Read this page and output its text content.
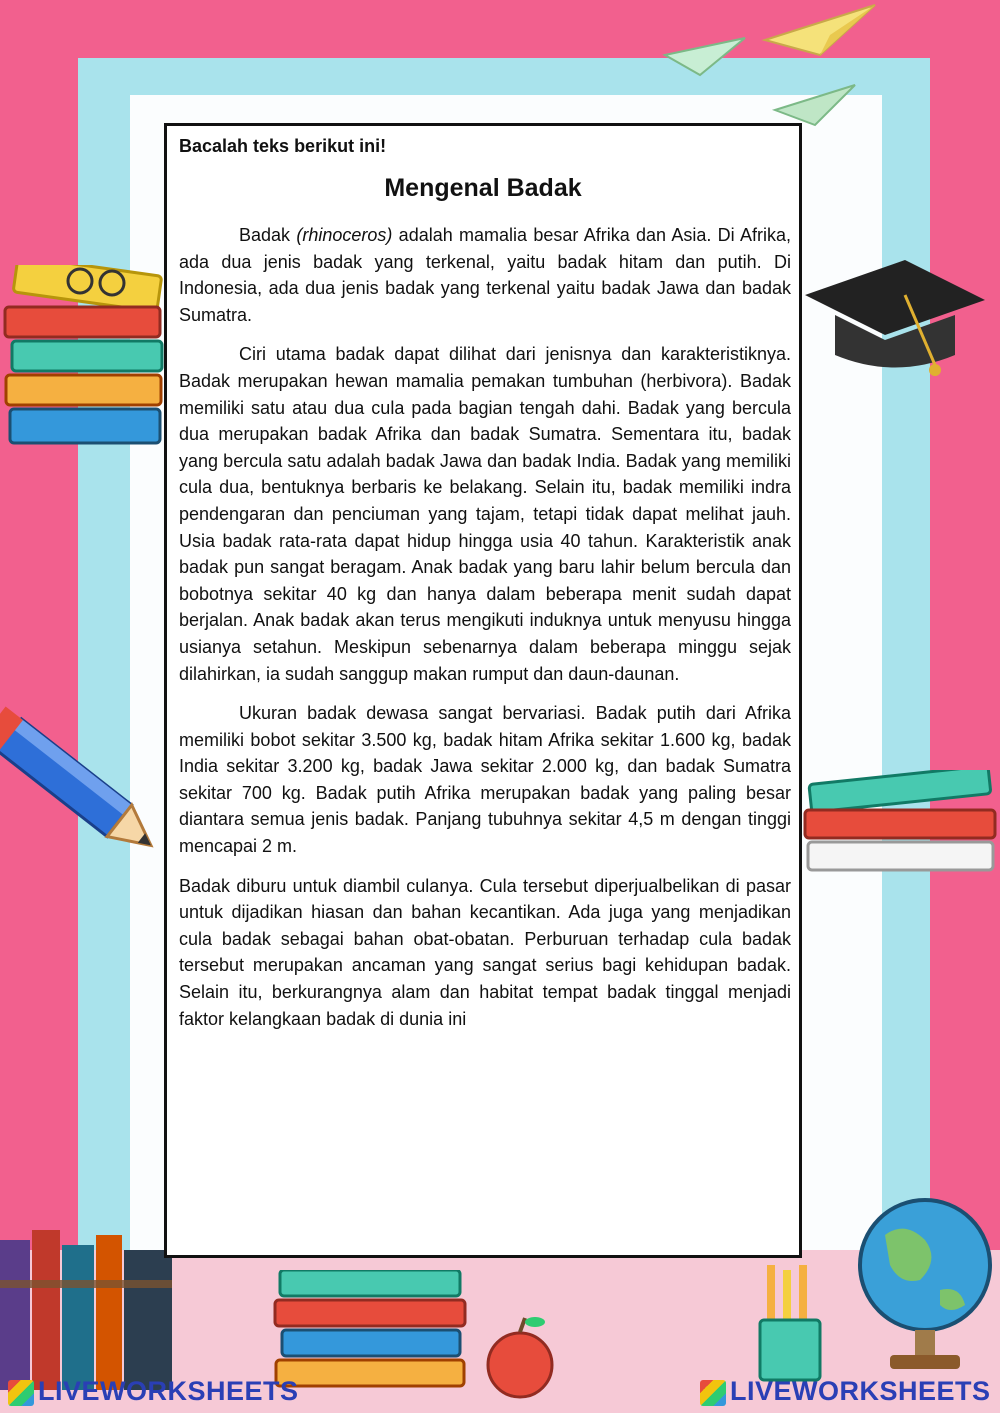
Bacalah teks berikut ini!
Mengenal Badak

Badak (rhinoceros) adalah mamalia besar Afrika dan Asia. Di Afrika, ada dua jenis badak yang terkenal, yaitu badak hitam dan putih. Di Indonesia, ada dua jenis badak yang terkenal yaitu badak Jawa dan badak Sumatra.

Ciri utama badak dapat dilihat dari jenisnya dan karakteristiknya. Badak merupakan hewan mamalia pemakan tumbuhan (herbivora). Badak memiliki satu atau dua cula pada bagian tengah dahi. Badak yang bercula dua merupakan badak Afrika dan badak Sumatra. Sementara itu, badak yang bercula satu adalah badak Jawa dan badak India. Badak yang memiliki cula dua, bentuknya berbaris ke belakang. Selain itu, badak memiliki indra pendengaran dan penciuman yang tajam, tetapi tidak dapat melihat jauh. Usia badak rata-rata dapat hidup hingga usia 40 tahun. Karakteristik anak badak pun sangat beragam. Anak badak yang baru lahir belum bercula dan bobotnya sekitar 40 kg dan hanya dalam beberapa menit sudah dapat berjalan. Anak badak akan terus mengikuti induknya untuk menyusu hingga usianya setahun. Meskipun sebenarnya dalam beberapa minggu sejak dilahirkan, ia sudah sanggup makan rumput dan daun-daunan.

Ukuran badak dewasa sangat bervariasi. Badak putih dari Afrika memiliki bobot sekitar 3.500 kg, badak hitam Afrika sekitar 1.600 kg, badak India sekitar 3.200 kg, badak Jawa sekitar 2.000 kg, dan badak Sumatra sekitar 700 kg. Badak putih Afrika merupakan badak yang paling besar diantara semua jenis badak. Panjang tubuhnya sekitar 4,5 m dengan tinggi mencapai 2 m.

Badak diburu untuk diambil culanya. Cula tersebut diperjualbelikan di pasar untuk dijadikan hiasan dan bahan kecantikan. Ada juga yang menjadikan cula badak sebagai bahan obat-obatan. Perburuan terhadap cula badak tersebut merupakan ancaman yang sangat serius bagi kehidupan badak. Selain itu, berkurangnya alam dan habitat tempat badak tinggal menjadi faktor kelangkaan badak di dunia ini

LIVEWORKSHEETS	LIVEWORKSHEETS
